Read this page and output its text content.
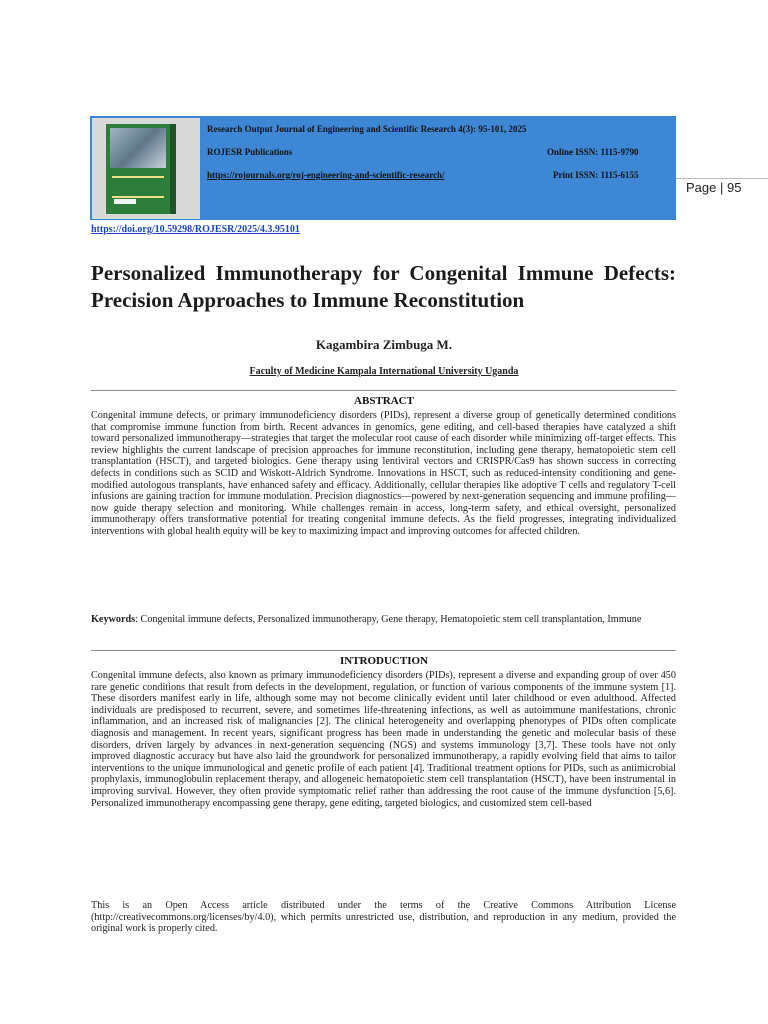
Research Output Journal of Engineering and Scientific Research 4(3): 95-101, 2025
ROJESR Publications	Online ISSN: 1115-9790
https://rojournals.org/roj-engineering-and-scientific-research/	Print ISSN: 1115-6155
Page | 95
https://doi.org/10.59298/ROJESR/2025/4.3.95101
Personalized Immunotherapy for Congenital Immune Defects: Precision Approaches to Immune Reconstitution
Kagambira Zimbuga M.
Faculty of Medicine Kampala International University Uganda
ABSTRACT

Congenital immune defects, or primary immunodeficiency disorders (PIDs), represent a diverse group of genetically determined conditions that compromise immune function from birth. Recent advances in genomics, gene editing, and cell-based therapies have catalyzed a shift toward personalized immunotherapy—strategies that target the molecular root cause of each disorder while minimizing off-target effects. This review highlights the current landscape of precision approaches for immune reconstitution, including gene therapy, hematopoietic stem cell transplantation (HSCT), and targeted biologics. Gene therapy using lentiviral vectors and CRISPR/Cas9 has shown success in correcting defects in conditions such as SCID and Wiskott-Aldrich Syndrome. Innovations in HSCT, such as reduced-intensity conditioning and gene-modified autologous transplants, have enhanced safety and efficacy. Additionally, cellular therapies like adoptive T cells and regulatory T-cell infusions are gaining traction for immune modulation. Precision diagnostics—powered by next-generation sequencing and immune profiling—now guide therapy selection and monitoring. While challenges remain in access, long-term safety, and ethical oversight, personalized immunotherapy offers transformative potential for treating congenital immune defects. As the field progresses, integrating individualized interventions with global health equity will be key to maximizing impact and improving outcomes for affected children.

Keywords: Congenital immune defects, Personalized immunotherapy, Gene therapy, Hematopoietic stem cell transplantation, Immune

INTRODUCTION

Congenital immune defects, also known as primary immunodeficiency disorders (PIDs), represent a diverse and expanding group of over 450 rare genetic conditions that result from defects in the development, regulation, or function of various components of the immune system [1]. These disorders manifest early in life, although some may not become clinically evident until later childhood or even adulthood. Affected individuals are predisposed to recurrent, severe, and sometimes life-threatening infections, as well as autoimmune manifestations, chronic inflammation, and an increased risk of malignancies [2]. The clinical heterogeneity and overlapping phenotypes of PIDs often complicate diagnosis and management. In recent years, significant progress has been made in understanding the genetic and molecular basis of these disorders, driven largely by advances in next-generation sequencing (NGS) and systems immunology [3,7]. These tools have not only improved diagnostic accuracy but have also laid the groundwork for personalized immunotherapy, a rapidly evolving field that aims to tailor interventions to the unique immunological and genetic profile of each patient [4]. Traditional treatment options for PIDs, such as antimicrobial prophylaxis, immunoglobulin replacement therapy, and allogeneic hematopoietic stem cell transplantation (HSCT), have been instrumental in improving survival. However, they often provide symptomatic relief rather than addressing the root cause of the immune dysfunction [5,6]. Personalized immunotherapy encompassing gene therapy, gene editing, targeted biologics, and customized stem cell-based

This is an Open Access article distributed under the terms of the Creative Commons Attribution License (http://creativecommons.org/licenses/by/4.0), which permits unrestricted use, distribution, and reproduction in any medium, provided the original work is properly cited.
